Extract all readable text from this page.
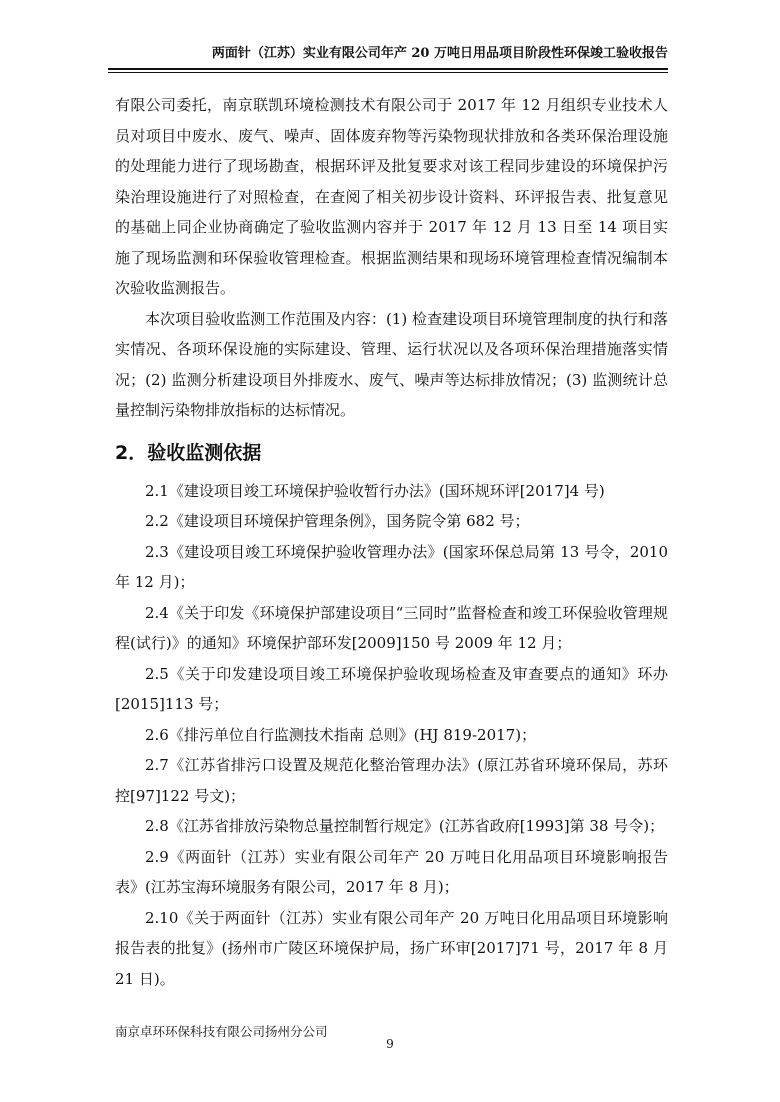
两面针（江苏）实业有限公司年产 20 万吨日用品项目阶段性环保竣工验收报告

有限公司委托，南京联凯环境检测技术有限公司于 2017 年 12 月组织专业技术人员对项目中废水、废气、噪声、固体废弃物等污染物现状排放和各类环保治理设施的处理能力进行了现场勘查，根据环评及批复要求对该工程同步建设的环境保护污染治理设施进行了对照检查，在查阅了相关初步设计资料、环评报告表、批复意见的基础上同企业协商确定了验收监测内容并于 2017 年 12 月 13 日至 14 项目实施了现场监测和环保验收管理检查。根据监测结果和现场环境管理检查情况编制本次验收监测报告。

本次项目验收监测工作范围及内容：(1) 检查建设项目环境管理制度的执行和落实情况、各项环保设施的实际建设、管理、运行状况以及各项环保治理措施落实情况；(2) 监测分析建设项目外排废水、废气、噪声等达标排放情况；(3) 监测统计总量控制污染物排放指标的达标情况。

2．验收监测依据

2.1《建设项目竣工环境保护验收暂行办法》(国环规环评[2017]4 号)

2.2《建设项目环境保护管理条例》，国务院令第 682 号；

2.3《建设项目竣工环境保护验收管理办法》(国家环保总局第 13 号令，2010 年 12 月)；

2.4《关于印发《环境保护部建设项目“三同时”监督检查和竣工环保验收管理规程(试行)》的通知》环境保护部环发[2009]150 号 2009 年 12 月；

2.5《关于印发建设项目竣工环境保护验收现场检查及审查要点的通知》环办[2015]113 号；

2.6《排污单位自行监测技术指南 总则》(HJ 819-2017)；

2.7《江苏省排污口设置及规范化整治管理办法》(原江苏省环境环保局，苏环控[97]122 号文)；

2.8《江苏省排放污染物总量控制暂行规定》(江苏省政府[1993]第 38 号令)；

2.9《两面针（江苏）实业有限公司年产 20 万吨日化用品项目环境影响报告表》(江苏宝海环境服务有限公司，2017 年 8 月)；

2.10《关于两面针（江苏）实业有限公司年产 20 万吨日化用品项目环境影响报告表的批复》(扬州市广陵区环境保护局，扬广环审[2017]71 号，2017 年 8 月 21 日)。

南京卓环环保科技有限公司扬州分公司
9
